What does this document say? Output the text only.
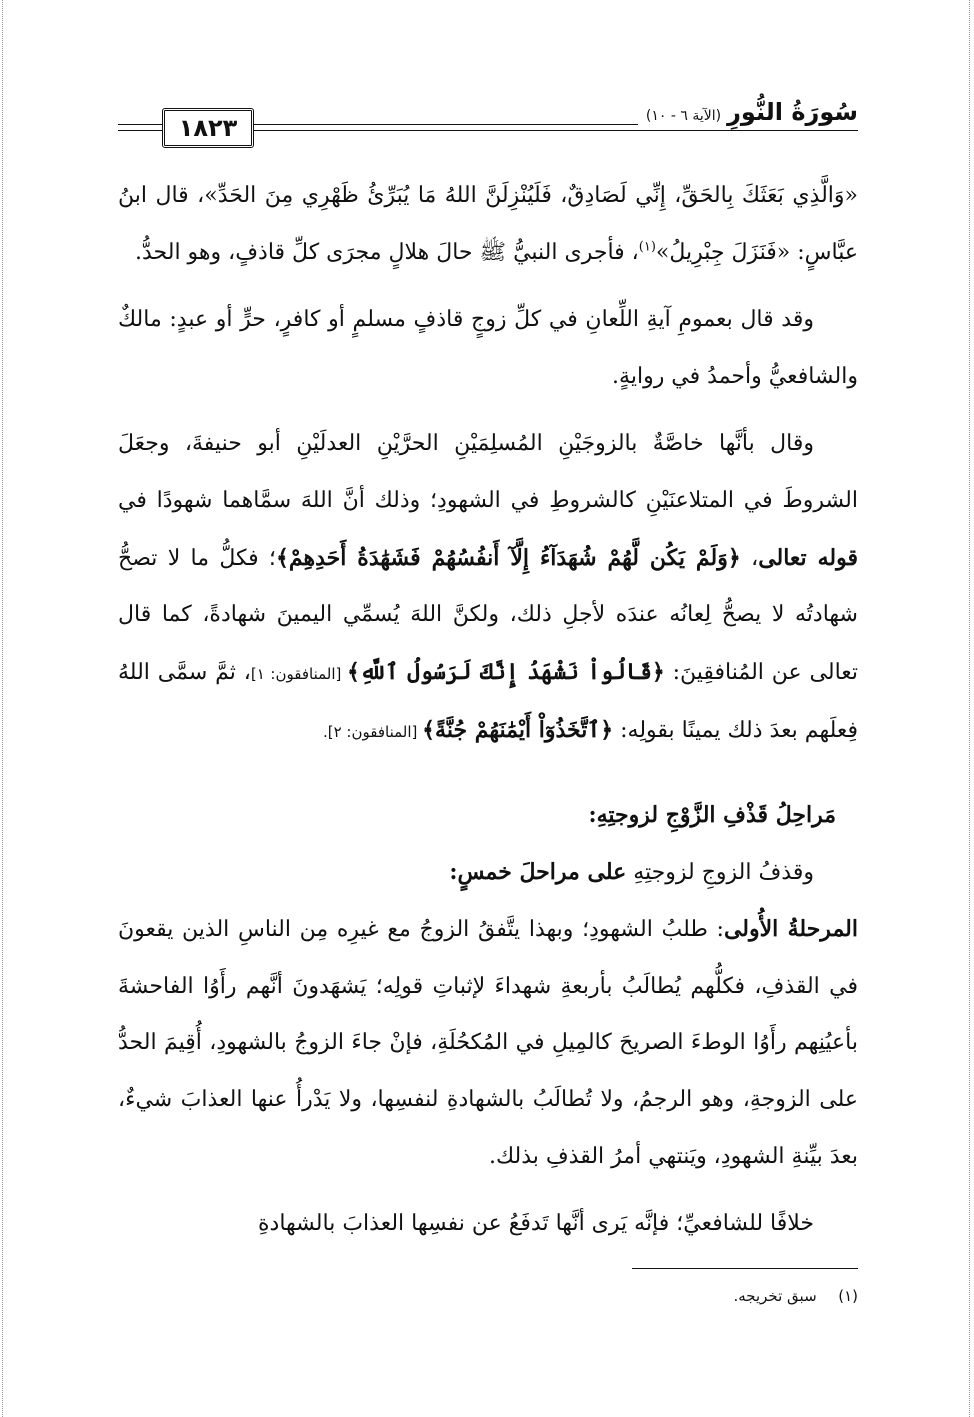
١٨٢٣
سُورَةُ النُّورِ(الآية ٦ - ١٠)

«وَالَّذِي بَعَثَكَ بِالحَقِّ، إِنِّي لَصَادِقٌ، فَلَيُنْزِلَنَّ اللهُ مَا يُبَرِّئُ ظَهْرِي مِنَ الحَدِّ»، قال ابنُ عبَّاسٍ: «فَنَزَلَ جِبْرِيلُ»$^{(١)}$، فأجرى النبيُّ ﷺ حالَ هلالٍ مجرَى كلِّ قاذفٍ، وهو الحدُّ.

وقد قال بعمومِ آيةِ اللِّعانِ في كلِّ زوجٍ قاذفٍ مسلمٍ أو كافرٍ، حرٍّ أو عبدٍ: مالكٌ والشافعيُّ وأحمدُ في روايةٍ.

وقال بأنَّها خاصَّةٌ بالزوجَيْنِ المُسلِمَيْنِ الحرَّيْنِ العدلَيْنِ أبو حنيفةَ، وجعَلَ الشروطَ في المتلاعنَيْنِ كالشروطِ في الشهودِ؛ وذلك أنَّ اللهَ سمَّاهما شهودًا في قوله تعالى، ﴿وَلَمْ يَكُن لَّهُمْ شُهَدَآءُ إِلَّآ أَنفُسُهُمْ فَشَهَٰدَةُ أَحَدِهِمْ﴾؛ فكلُّ ما لا تصحُّ شهادتُه لا يصحُّ لِعانُه عندَه لأجلِ ذلك، ولكنَّ اللهَ يُسمِّي اليمينَ شهادةً، كما قال تعالى عن المُنافقِينَ: ﴿قَالُواْ نَشْهَدُ إِنَّكَ لَرَسُولُ ٱللَّهِ﴾ [المنافقون: ١]، ثمَّ سمَّى اللهُ فِعلَهم بعدَ ذلك يمينًا بقولِه: ﴿ٱتَّخَذُوٓاْ أَيْمَٰنَهُمْ جُنَّةً﴾ [المنافقون: ٢].

مَراحِلُ قَذْفِ الزَّوْجِ لزوجتِهِ:

وقذفُ الزوجِ لزوجتِهِ على مراحلَ خمسٍ:

المرحلةُ الأُولى: طلبُ الشهودِ؛ وبهذا يتَّفقُ الزوجُ مع غيرِه مِن الناسِ الذين يقعونَ في القذفِ، فكلُّهم يُطالَبُ بأربعةِ شهداءَ لإثباتِ قولِه؛ يَشهَدونَ أنَّهم رأَوُا الفاحشةَ بأعيُنِهم رأَوُا الوطءَ الصريحَ كالمِيلِ في المُكحُلَةِ، فإنْ جاءَ الزوجُ بالشهودِ، أُقِيمَ الحدُّ على الزوجةِ، وهو الرجمُ، ولا تُطالَبُ بالشهادةِ لنفسِها، ولا يَدْرأُ عنها العذابَ شيءٌ، بعدَ بيِّنةِ الشهودِ، ويَنتهي أمرُ القذفِ بذلك.

خلافًا للشافعيِّ؛ فإنَّه يَرى أنَّها تَدفَعُ عن نفسِها العذابَ بالشهادةِ

(١)  سبق تخريجه.
